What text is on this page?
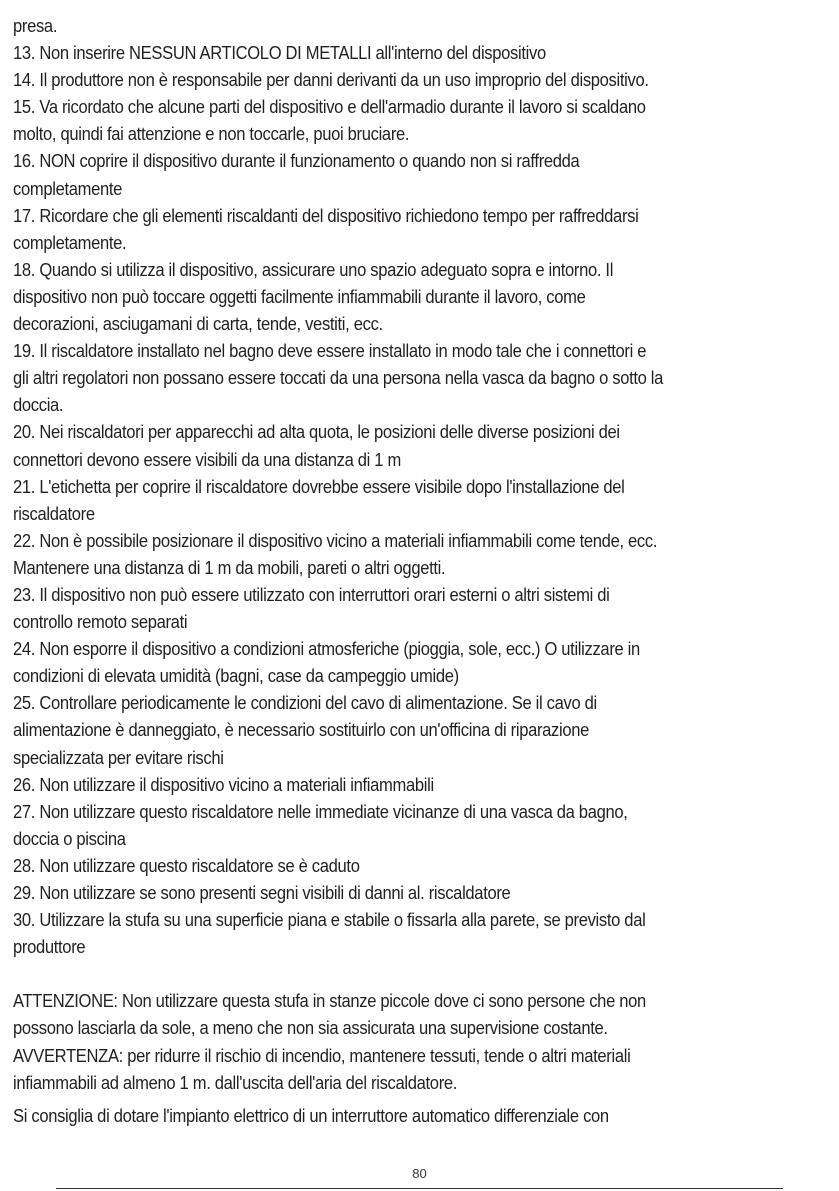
presa.
13. Non inserire NESSUN ARTICOLO DI METALLI all'interno del dispositivo
14. Il produttore non è responsabile per danni derivanti da un uso improprio del dispositivo.
15. Va ricordato che alcune parti del dispositivo e dell'armadio durante il lavoro si scaldano
molto, quindi fai attenzione e non toccarle, puoi bruciare.
16. NON coprire il dispositivo durante il funzionamento o quando non si raffredda
completamente
17. Ricordare che gli elementi riscaldanti del dispositivo richiedono tempo per raffreddarsi
completamente.
18. Quando si utilizza il dispositivo, assicurare uno spazio adeguato sopra e intorno. Il
dispositivo non può toccare oggetti facilmente infiammabili durante il lavoro, come
decorazioni, asciugamani di carta, tende, vestiti, ecc.
19. Il riscaldatore installato nel bagno deve essere installato in modo tale che i connettori e
gli altri regolatori non possano essere toccati da una persona nella vasca da bagno o sotto la
doccia.
20. Nei riscaldatori per apparecchi ad alta quota, le posizioni delle diverse posizioni dei
connettori devono essere visibili da una distanza di 1 m
21. L'etichetta per coprire il riscaldatore dovrebbe essere visibile dopo l'installazione del
riscaldatore
22. Non è possibile posizionare il dispositivo vicino a materiali infiammabili come tende, ecc.
Mantenere una distanza di 1 m da mobili, pareti o altri oggetti.
23. Il dispositivo non può essere utilizzato con interruttori orari esterni o altri sistemi di
controllo remoto separati
24. Non esporre il dispositivo a condizioni atmosferiche (pioggia, sole, ecc.) O utilizzare in
condizioni di elevata umidità (bagni, case da campeggio umide)
25. Controllare periodicamente le condizioni del cavo di alimentazione. Se il cavo di
alimentazione è danneggiato, è necessario sostituirlo con un'officina di riparazione
specializzata per evitare rischi
26. Non utilizzare il dispositivo vicino a materiali infiammabili
27. Non utilizzare questo riscaldatore nelle immediate vicinanze di una vasca da bagno,
doccia o piscina
28. Non utilizzare questo riscaldatore se è caduto
29. Non utilizzare se sono presenti segni visibili di danni al. riscaldatore
30. Utilizzare la stufa su una superficie piana e stabile o fissarla alla parete, se previsto dal
produttore
ATTENZIONE: Non utilizzare questa stufa in stanze piccole dove ci sono persone che non
possono lasciarla da sole, a meno che non sia assicurata una supervisione costante.
AVVERTENZA: per ridurre il rischio di incendio, mantenere tessuti, tende o altri materiali
infiammabili ad almeno 1 m. dall'uscita dell'aria del riscaldatore.
Si consiglia di dotare l'impianto elettrico di un interruttore automatico differenziale con
80
